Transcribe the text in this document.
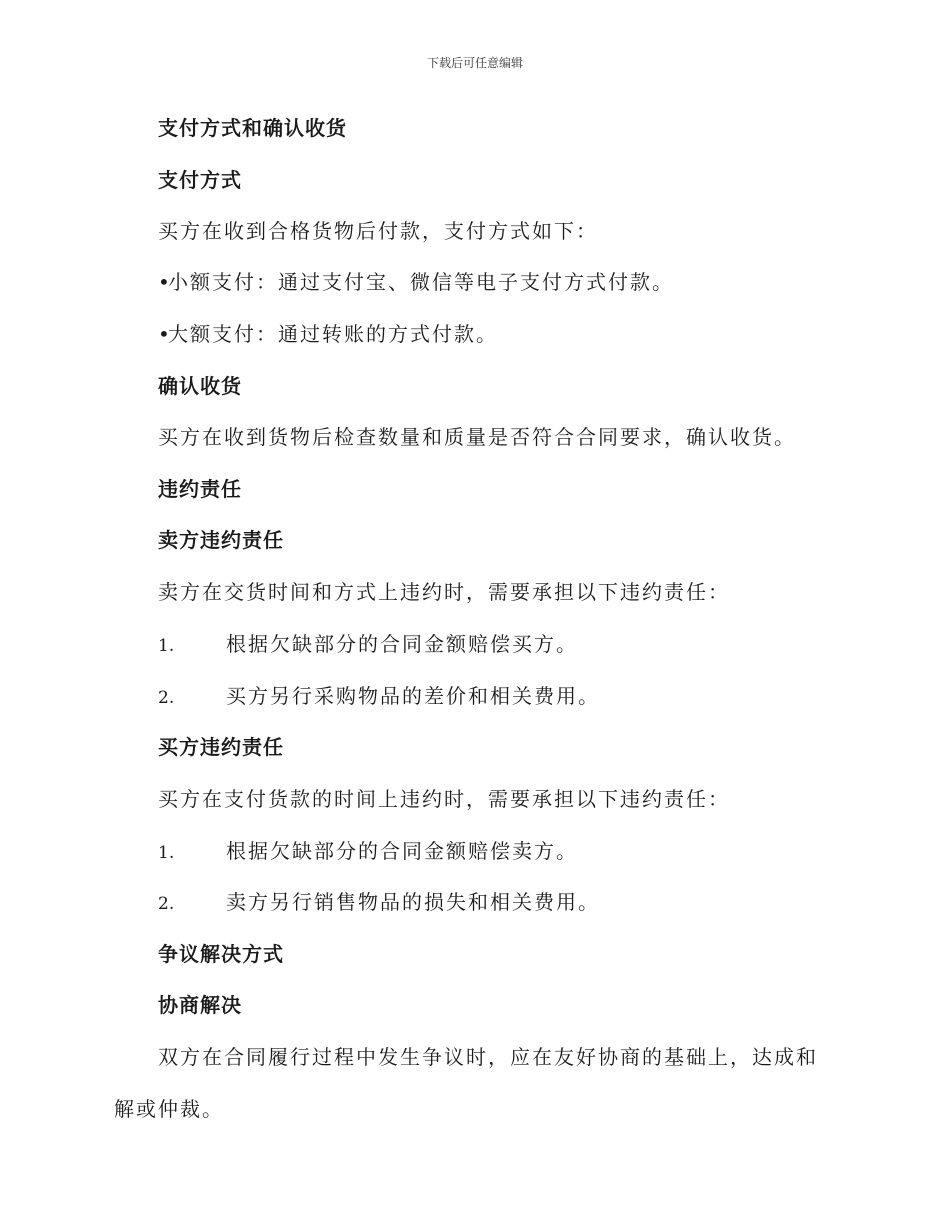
下载后可任意编辑
支付方式和确认收货
支付方式
买方在收到合格货物后付款，支付方式如下：
•小额支付：通过支付宝、微信等电子支付方式付款。
•大额支付：通过转账的方式付款。
确认收货
买方在收到货物后检查数量和质量是否符合合同要求，确认收货。
违约责任
卖方违约责任
卖方在交货时间和方式上违约时，需要承担以下违约责任：
1.	根据欠缺部分的合同金额赔偿买方。
2.	买方另行采购物品的差价和相关费用。
买方违约责任
买方在支付货款的时间上违约时，需要承担以下违约责任：
1.	根据欠缺部分的合同金额赔偿卖方。
2.	卖方另行销售物品的损失和相关费用。
争议解决方式
协商解决
双方在合同履行过程中发生争议时，应在友好协商的基础上，达成和解或仲裁。
